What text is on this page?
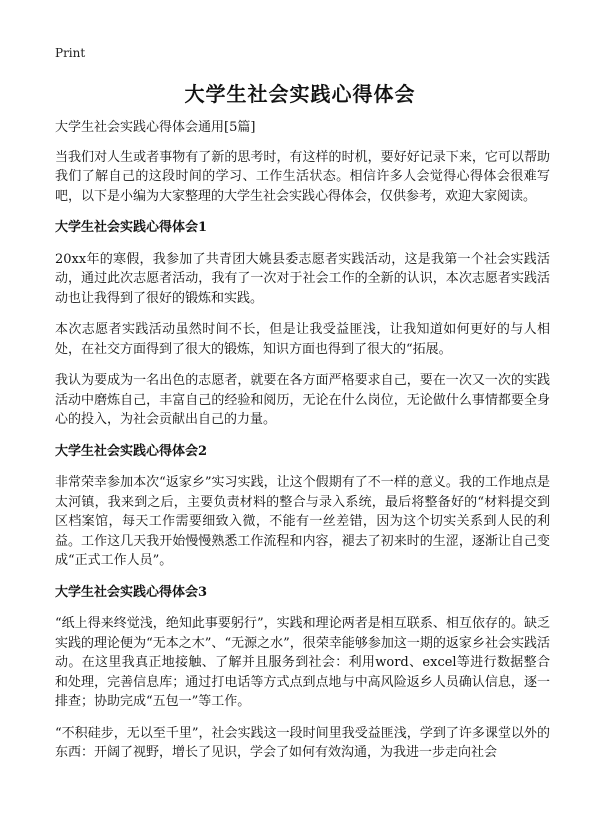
Print
大学生社会实践心得体会

大学生社会实践心得体会通用[5篇]

当我们对人生或者事物有了新的思考时，有这样的时机，要好好记录下来，它可以帮助我们了解自己的这段时间的学习、工作生活状态。相信许多人会觉得心得体会很难写吧，以下是小编为大家整理的大学生社会实践心得体会，仅供参考，欢迎大家阅读。

大学生社会实践心得体会1

20xx年的寒假，我参加了共青团大姚县委志愿者实践活动，这是我第一个社会实践活动，通过此次志愿者活动，我有了一次对于社会工作的全新的认识，本次志愿者实践活动也让我得到了很好的锻炼和实践。

本次志愿者实践活动虽然时间不长，但是让我受益匪浅，让我知道如何更好的与人相处，在社交方面得到了很大的锻炼，知识方面也得到了很大的“拓展。

我认为要成为一名出色的志愿者，就要在各方面严格要求自己，要在一次又一次的实践活动中磨炼自己，丰富自己的经验和阅历，无论在什么岗位，无论做什么事情都要全身心的投入，为社会贡献出自己的力量。

大学生社会实践心得体会2

非常荣幸参加本次“返家乡”实习实践，让这个假期有了不一样的意义。我的工作地点是太河镇，我来到之后，主要负责材料的整合与录入系统，最后将整备好的“材料提交到区档案馆，每天工作需要细致入微，不能有一丝差错，因为这个切实关系到人民的利益。工作这几天我开始慢慢熟悉工作流程和内容，褪去了初来时的生涩，逐渐让自己变成“正式工作人员”。

大学生社会实践心得体会3

“纸上得来终觉浅，绝知此事要躬行”，实践和理论两者是相互联系、相互依存的。缺乏实践的理论便为“无本之木”、“无源之水”，很荣幸能够参加这一期的返家乡社会实践活动。在这里我真正地接触、了解并且服务到社会：利用word、excel等进行数据整合和处理，完善信息库；通过打电话等方式点到点地与中高风险返乡人员确认信息，逐一排查；协助完成“五包一”等工作。

“不积硅步，无以至千里”，社会实践这一段时间里我受益匪浅，学到了许多课堂以外的东西：开阔了视野，增长了见识，学会了如何有效沟通，为我进一步走向社会
